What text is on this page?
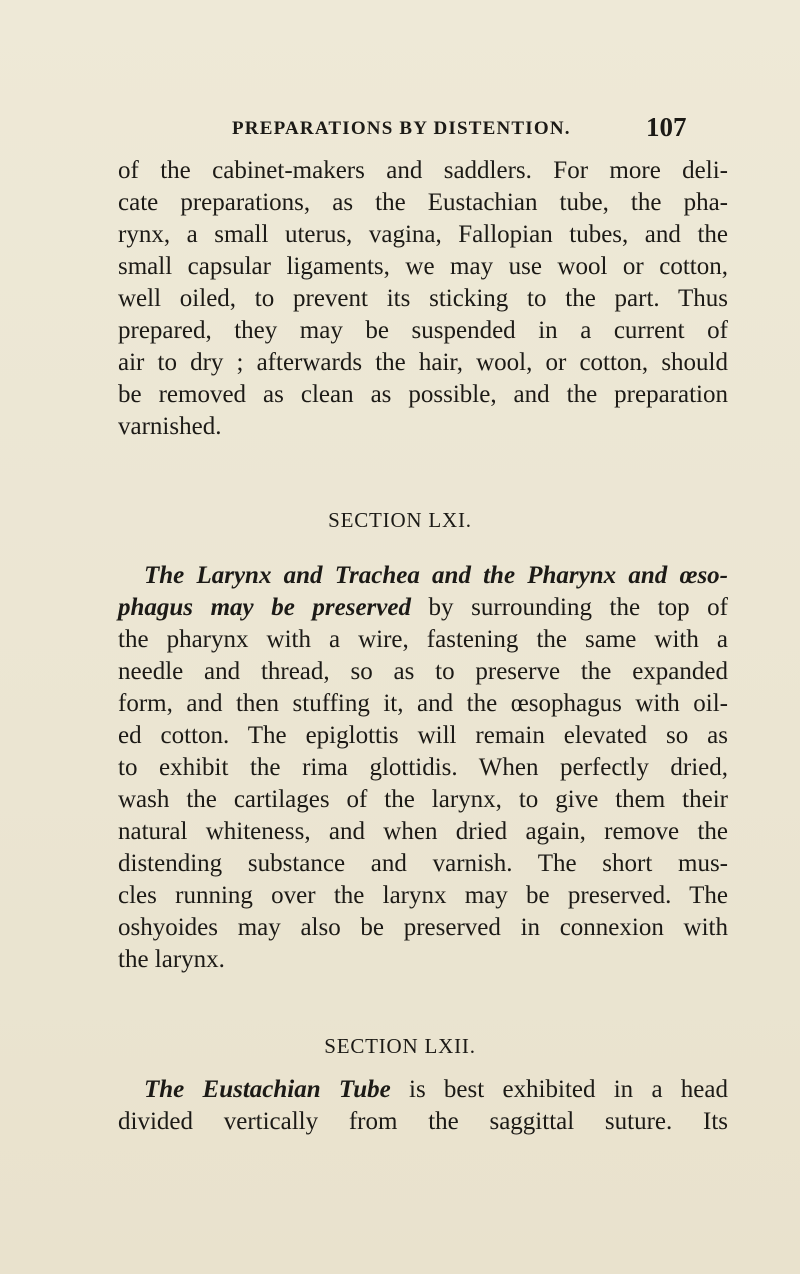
PREPARATIONS BY DISTENTION.	107
of the cabinet-makers and saddlers. For more deli-
cate preparations, as the Eustachian tube, the pha-
rynx, a small uterus, vagina, Fallopian tubes, and the
small capsular ligaments, we may use wool or cotton,
well oiled, to prevent its sticking to the part. Thus
prepared, they may be suspended in a current of
air to dry ; afterwards the hair, wool, or cotton, should
be removed as clean as possible, and the preparation
varnished.
SECTION LXI.
The Larynx and Trachea and the Pharynx and œso-
phagus may be preserved by surrounding the top of
the pharynx with a wire, fastening the same with a
needle and thread, so as to preserve the expanded
form, and then stuffing it, and the œsophagus with oil-
ed cotton. The epiglottis will remain elevated so as
to exhibit the rima glottidis. When perfectly dried,
wash the cartilages of the larynx, to give them their
natural whiteness, and when dried again, remove the
distending substance and varnish. The short mus-
cles running over the larynx may be preserved. The
oshyoides may also be preserved in connexion with
the larynx.
SECTION LXII.
The Eustachian Tube is best exhibited in a head
divided vertically from the saggittal suture. Its
